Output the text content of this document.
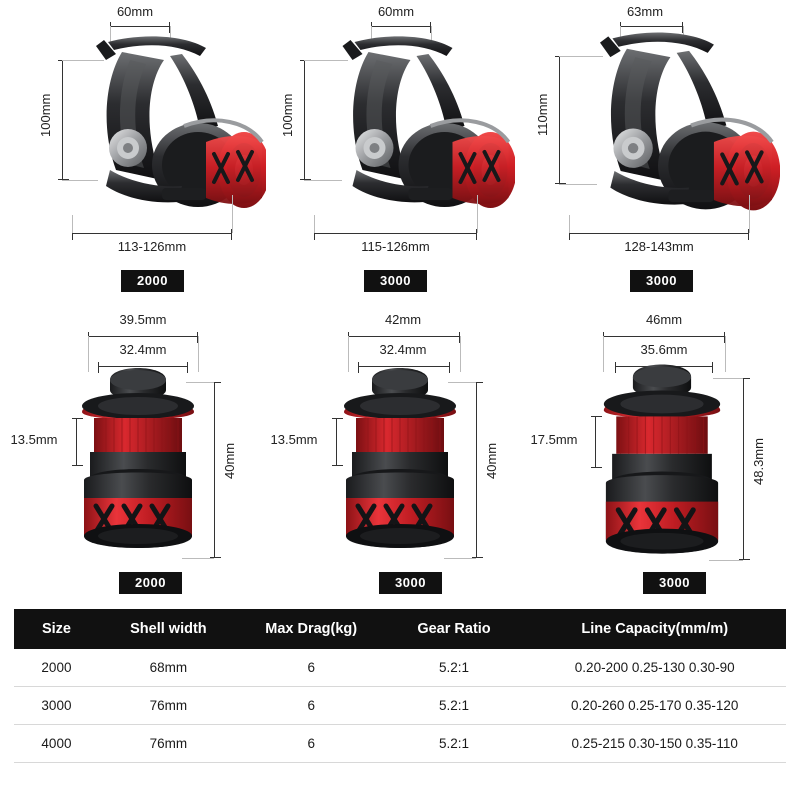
60mm
100mm
113-126mm
2000
60mm
100mm
115-126mm
3000
63mm
110mm
128-143mm
3000
39.5mm
32.4mm
13.5mm
40mm
2000
42mm
32.4mm
13.5mm
40mm
3000
46mm
35.6mm
17.5mm	48.3mm
3000
Size	Shell width	Max Drag(kg)	Gear Ratio	Line Capacity(mm/m)
2000	68mm	6	5.2:1	0.20-200 0.25-130 0.30-90
3000	76mm	6	5.2:1	0.20-260 0.25-170 0.35-120
4000	76mm	6	5.2:1	0.25-215 0.30-150 0.35-110
